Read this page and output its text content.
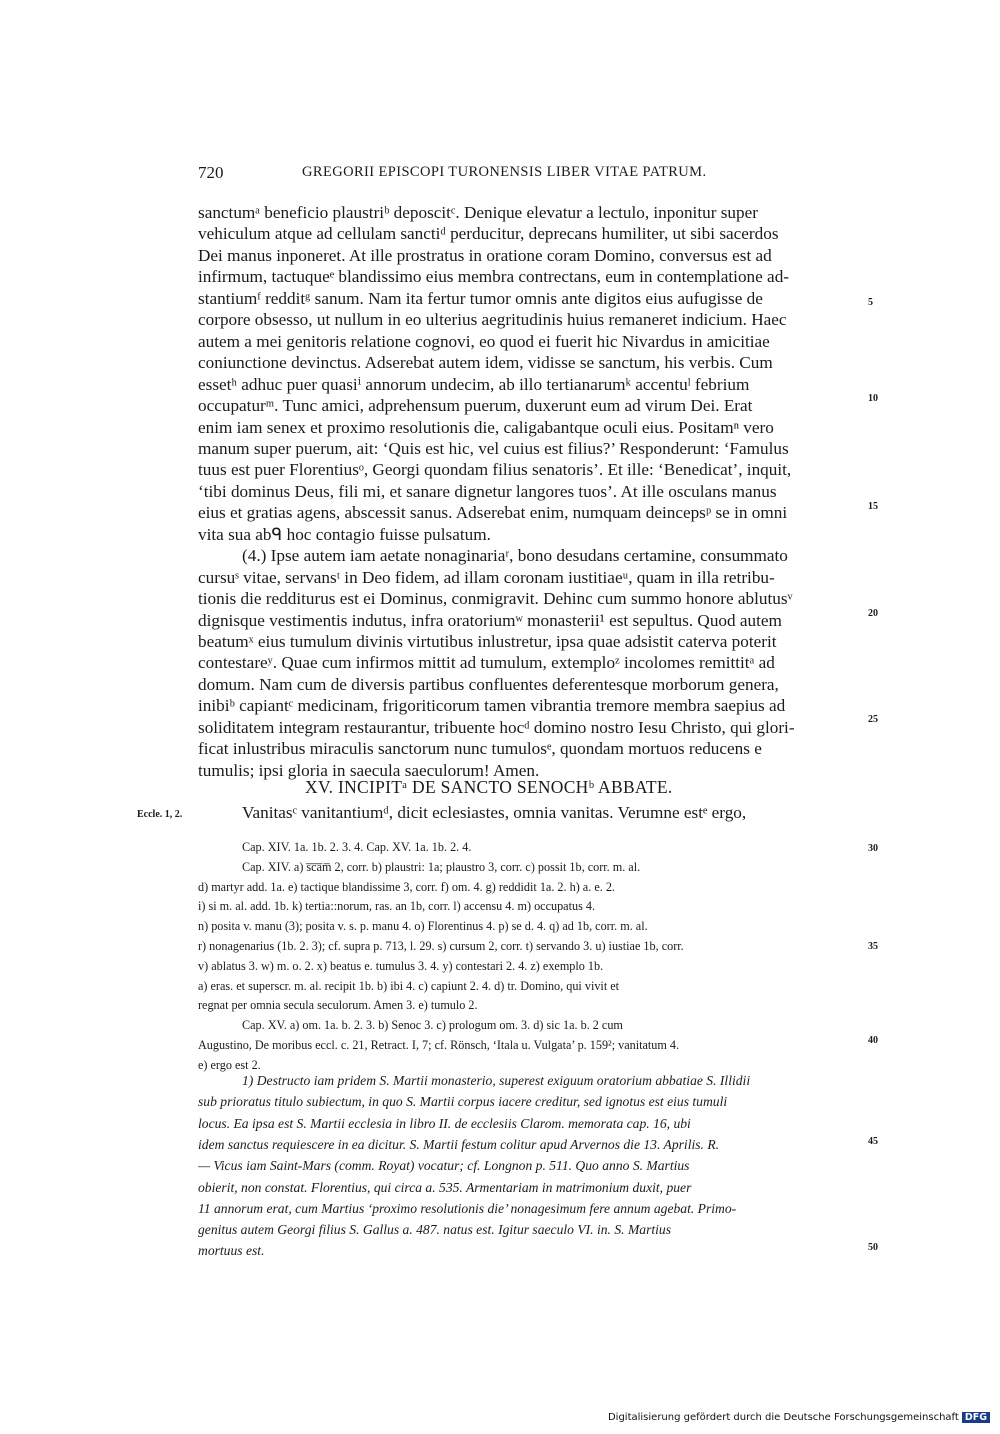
720	GREGORII EPISCOPI TURONENSIS LIBER VITAE PATRUM.
sanctumᵃ beneficio plaustriᵇ deposcitᶜ. Denique elevatur a lectulo, inponitur super
vehiculum atque ad cellulam sanctiᵈ perducitur, deprecans humiliter, ut sibi sacerdos
Dei manus inponeret. At ille prostratus in oratione coram Domino, conversus est ad
infirmum, tactuqueᵉ blandissimo eius membra contrectans, eum in contemplatione ad-
stantiumᶠ redditᵍ sanum. Nam ita fertur tumor omnis ante digitos eius aufugisse de
corpore obsesso, ut nullum in eo ulterius aegritudinis huius remaneret indicium. Haec
autem a mei genitoris relatione cognovi, eo quod ei fuerit hic Nivardus in amicitiae
coniunctione devinctus. Adserebat autem idem, vidisse se sanctum, his verbis. Cum
essetʰ adhuc puer quasiⁱ annorum undecim, ab illo tertianarumᵏ accentuˡ febrium
occupaturᵐ. Tunc amici, adprehensum puerum, duxerunt eum ad virum Dei. Erat
enim iam senex et proximo resolutionis die, caligabantque oculi eius. Positamⁿ vero
manum super puerum, ait: ‘Quis est hic, vel cuius est filius?’ Responderunt: ‘Famulus
tuus est puer Florentiusᵒ, Georgi quondam filius senatoris’. Et ille: ‘Benedicat’, inquit,
‘tibi dominus Deus, fili mi, et sanare dignetur langores tuos’. At ille osculans manus
eius et gratias agens, abscessit sanus. Adserebat enim, numquam deincepsᵖ se in omni
vita sua abᑫ hoc contagio fuisse pulsatum.
(4.) Ipse autem iam aetate nonaginariaʳ, bono desudans certamine, consummato
cursuˢ vitae, servansᵗ in Deo fidem, ad illam coronam iustitiaeᵘ, quam in illa retribu-
tionis die redditurus est ei Dominus, conmigravit. Dehinc cum summo honore ablutusᵛ
dignisque vestimentis indutus, infra oratoriumʷ monasterii¹ est sepultus. Quod autem
beatumˣ eius tumulum divinis virtutibus inlustretur, ipsa quae adsistit caterva poterit
contestareʸ. Quae cum infirmos mittit ad tumulum, extemploᶻ incolomes remittitᵃ ad
domum. Nam cum de diversis partibus confluentes deferentesque morborum genera,
inibiᵇ capiantᶜ medicinam, frigoriticorum tamen vibrantia tremore membra saepius ad
soliditatem integram restaurantur, tribuente hocᵈ domino nostro Iesu Christo, qui glori-
ficat inlustribus miraculis sanctorum nunc tumulosᵉ, quondam mortuos reducens e
tumulis; ipsi gloria in saecula saeculorum! Amen.
5
10
15
20
25
XV. INCIPITᵃ DE SANCTO SENOCHᵇ ABBATE.
Eccle. 1, 2.	Vanitasᶜ vanitantiumᵈ, dicit eclesiastes, omnia vanitas. Verumne estᵉ ergo,
Cap. XIV. 1a. 1b. 2. 3. 4. Cap. XV. 1a. 1b. 2. 4.
Cap. XIV. a) s̅c̅a̅m̅ 2, corr. b) plaustri: 1a; plaustro 3, corr. c) possit 1b, corr. m. al.
d) martyr add. 1a. e) tactique blandissime 3, corr. f) om. 4. g) reddidit 1a. 2. h) a. e. 2.
i) si m. al. add. 1b. k) tertia::norum, ras. an 1b, corr. l) accensu 4. m) occupatus 4.
n) posita v. manu (3); posita v. s. p. manu 4. o) Florentinus 4. p) se d. 4. q) ad 1b, corr. m. al.
r) nonagenarius (1b. 2. 3); cf. supra p. 713, l. 29. s) cursum 2, corr. t) servando 3. u) iustiae 1b, corr.
v) ablatus 3. w) m. o. 2. x) beatus e. tumulus 3. 4. y) contestari 2. 4. z) exemplo 1b.
a) eras. et superscr. m. al. recipit 1b. b) ibi 4. c) capiunt 2. 4. d) tr. Domino, qui vivit et
regnat per omnia secula seculorum. Amen 3. e) tumulo 2.
Cap. XV. a) om. 1a. b. 2. 3. b) Senoc 3. c) prologum om. 3. d) sic 1a. b. 2 cum
Augustino, De moribus eccl. c. 21, Retract. I, 7; cf. Rönsch, ‘Itala u. Vulgata’ p. 159²; vanitatum 4.
e) ergo est 2.
30
35
40
1) Destructo iam pridem S. Martii monasterio, superest exiguum oratorium abbatiae S. Illidii
sub prioratus titulo subiectum, in quo S. Martii corpus iacere creditur, sed ignotus est eius tumuli
locus. Ea ipsa est S. Martii ecclesia in libro II. de ecclesiis Clarom. memorata cap. 16, ubi
idem sanctus requiescere in ea dicitur. S. Martii festum colitur apud Arvernos die 13. Aprilis. R.
— Vicus iam Saint-Mars (comm. Royat) vocatur; cf. Longnon p. 511. Quo anno S. Martius
obierit, non constat. Florentius, qui circa a. 535. Armentariam in matrimonium duxit, puer
11 annorum erat, cum Martius ‘proximo resolutionis die’ nonagesimum fere annum agebat. Primo-
genitus autem Georgi filius S. Gallus a. 487. natus est. Igitur saeculo VI. in. S. Martius
mortuus est.
45
50
Digitalisierung gefördert durch die Deutsche Forschungsgemeinschaft DFG
